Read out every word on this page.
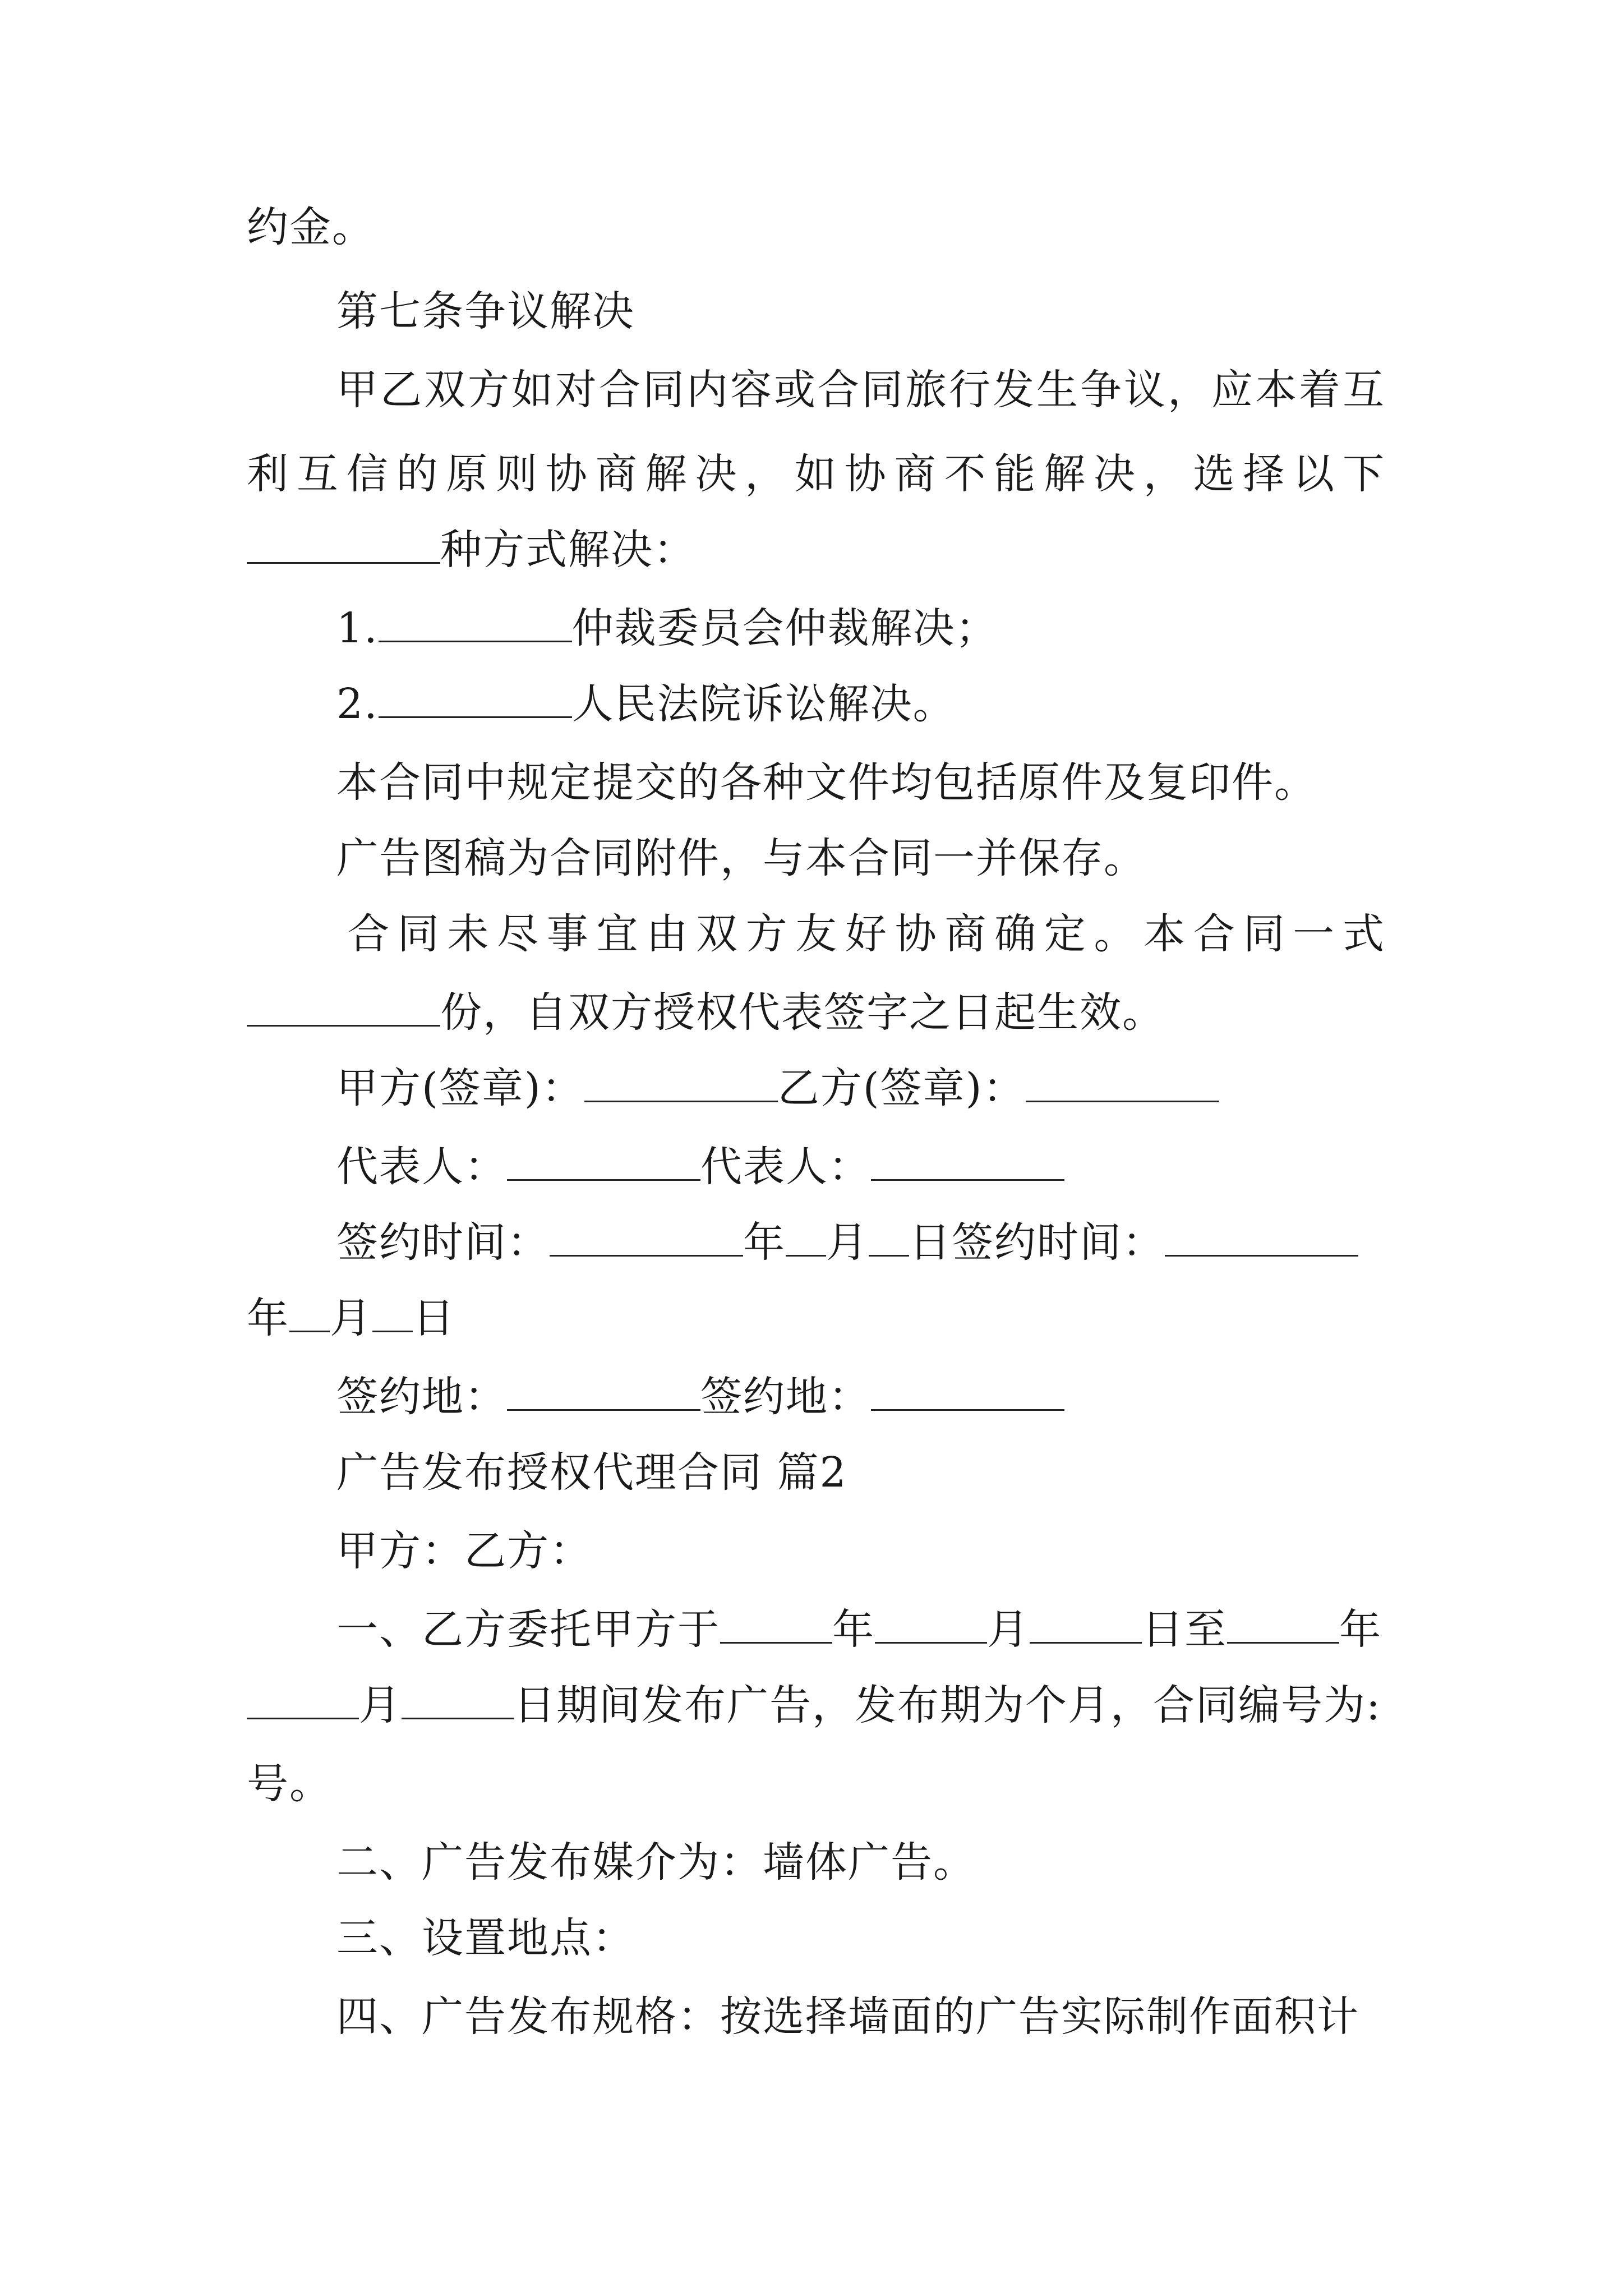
约金。
第七条争议解决
甲乙双方如对合同内容或合同旅行发生争议，应本着互
利互信的原则协商解决，如协商不能解决，选择以下
种方式解决：
1.	仲裁委员会仲裁解决；
2.	人民法院诉讼解决。
本合同中规定提交的各种文件均包括原件及复印件。
广告图稿为合同附件，与本合同一并保存。
合同未尽事宜由双方友好协商确定。本合同一式
份，自双方授权代表签字之日起生效。
甲方(签章)：	乙方(签章)：
代表人：	代表人：
签约时间：	年 月 日签约时间：
年 月 日
签约地：	签约地：
广告发布授权代理合同 篇2
甲方：乙方：
一、乙方委托甲方于	年	月	日至	年
月	日期间发布广告，发布期为个月，合同编号为:
号。
二、广告发布媒介为：墙体广告。
三、设置地点：
四、广告发布规格：按选择墙面的广告实际制作面积计
